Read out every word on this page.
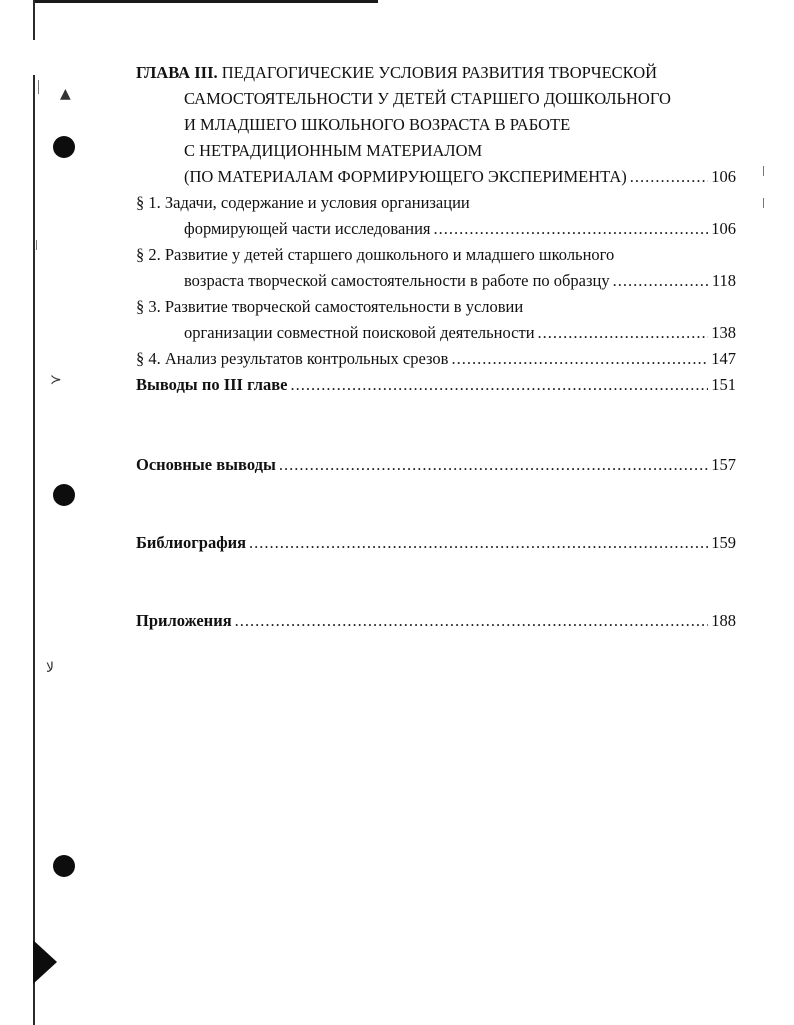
▲
≻
ﻻ
ГЛАВА III. ПЕДАГОГИЧЕСКИЕ УСЛОВИЯ РАЗВИТИЯ ТВОРЧЕСКОЙ
САМОСТОЯТЕЛЬНОСТИ У ДЕТЕЙ СТАРШЕГО ДОШКОЛЬНОГО
И МЛАДШЕГО ШКОЛЬНОГО ВОЗРАСТА В РАБОТЕ
С НЕТРАДИЦИОННЫМ МАТЕРИАЛОМ
(ПО МАТЕРИАЛАМ ФОРМИРУЮЩЕГО ЭКСПЕРИМЕНТА) .....	106
§ 1. Задачи, содержание и условия организации
формирующей части исследования .....	106
§ 2. Развитие у детей старшего дошкольного и младшего школьного
возраста творческой самостоятельности в работе по образцу .....	118
§ 3. Развитие творческой самостоятельности в условии
организации совместной поисковой деятельности .....	138
§ 4. Анализ результатов контрольных срезов .....	147
Выводы по III главе .....	151
Основные выводы .....	157
Библиография .....	159
Приложения .....	188
